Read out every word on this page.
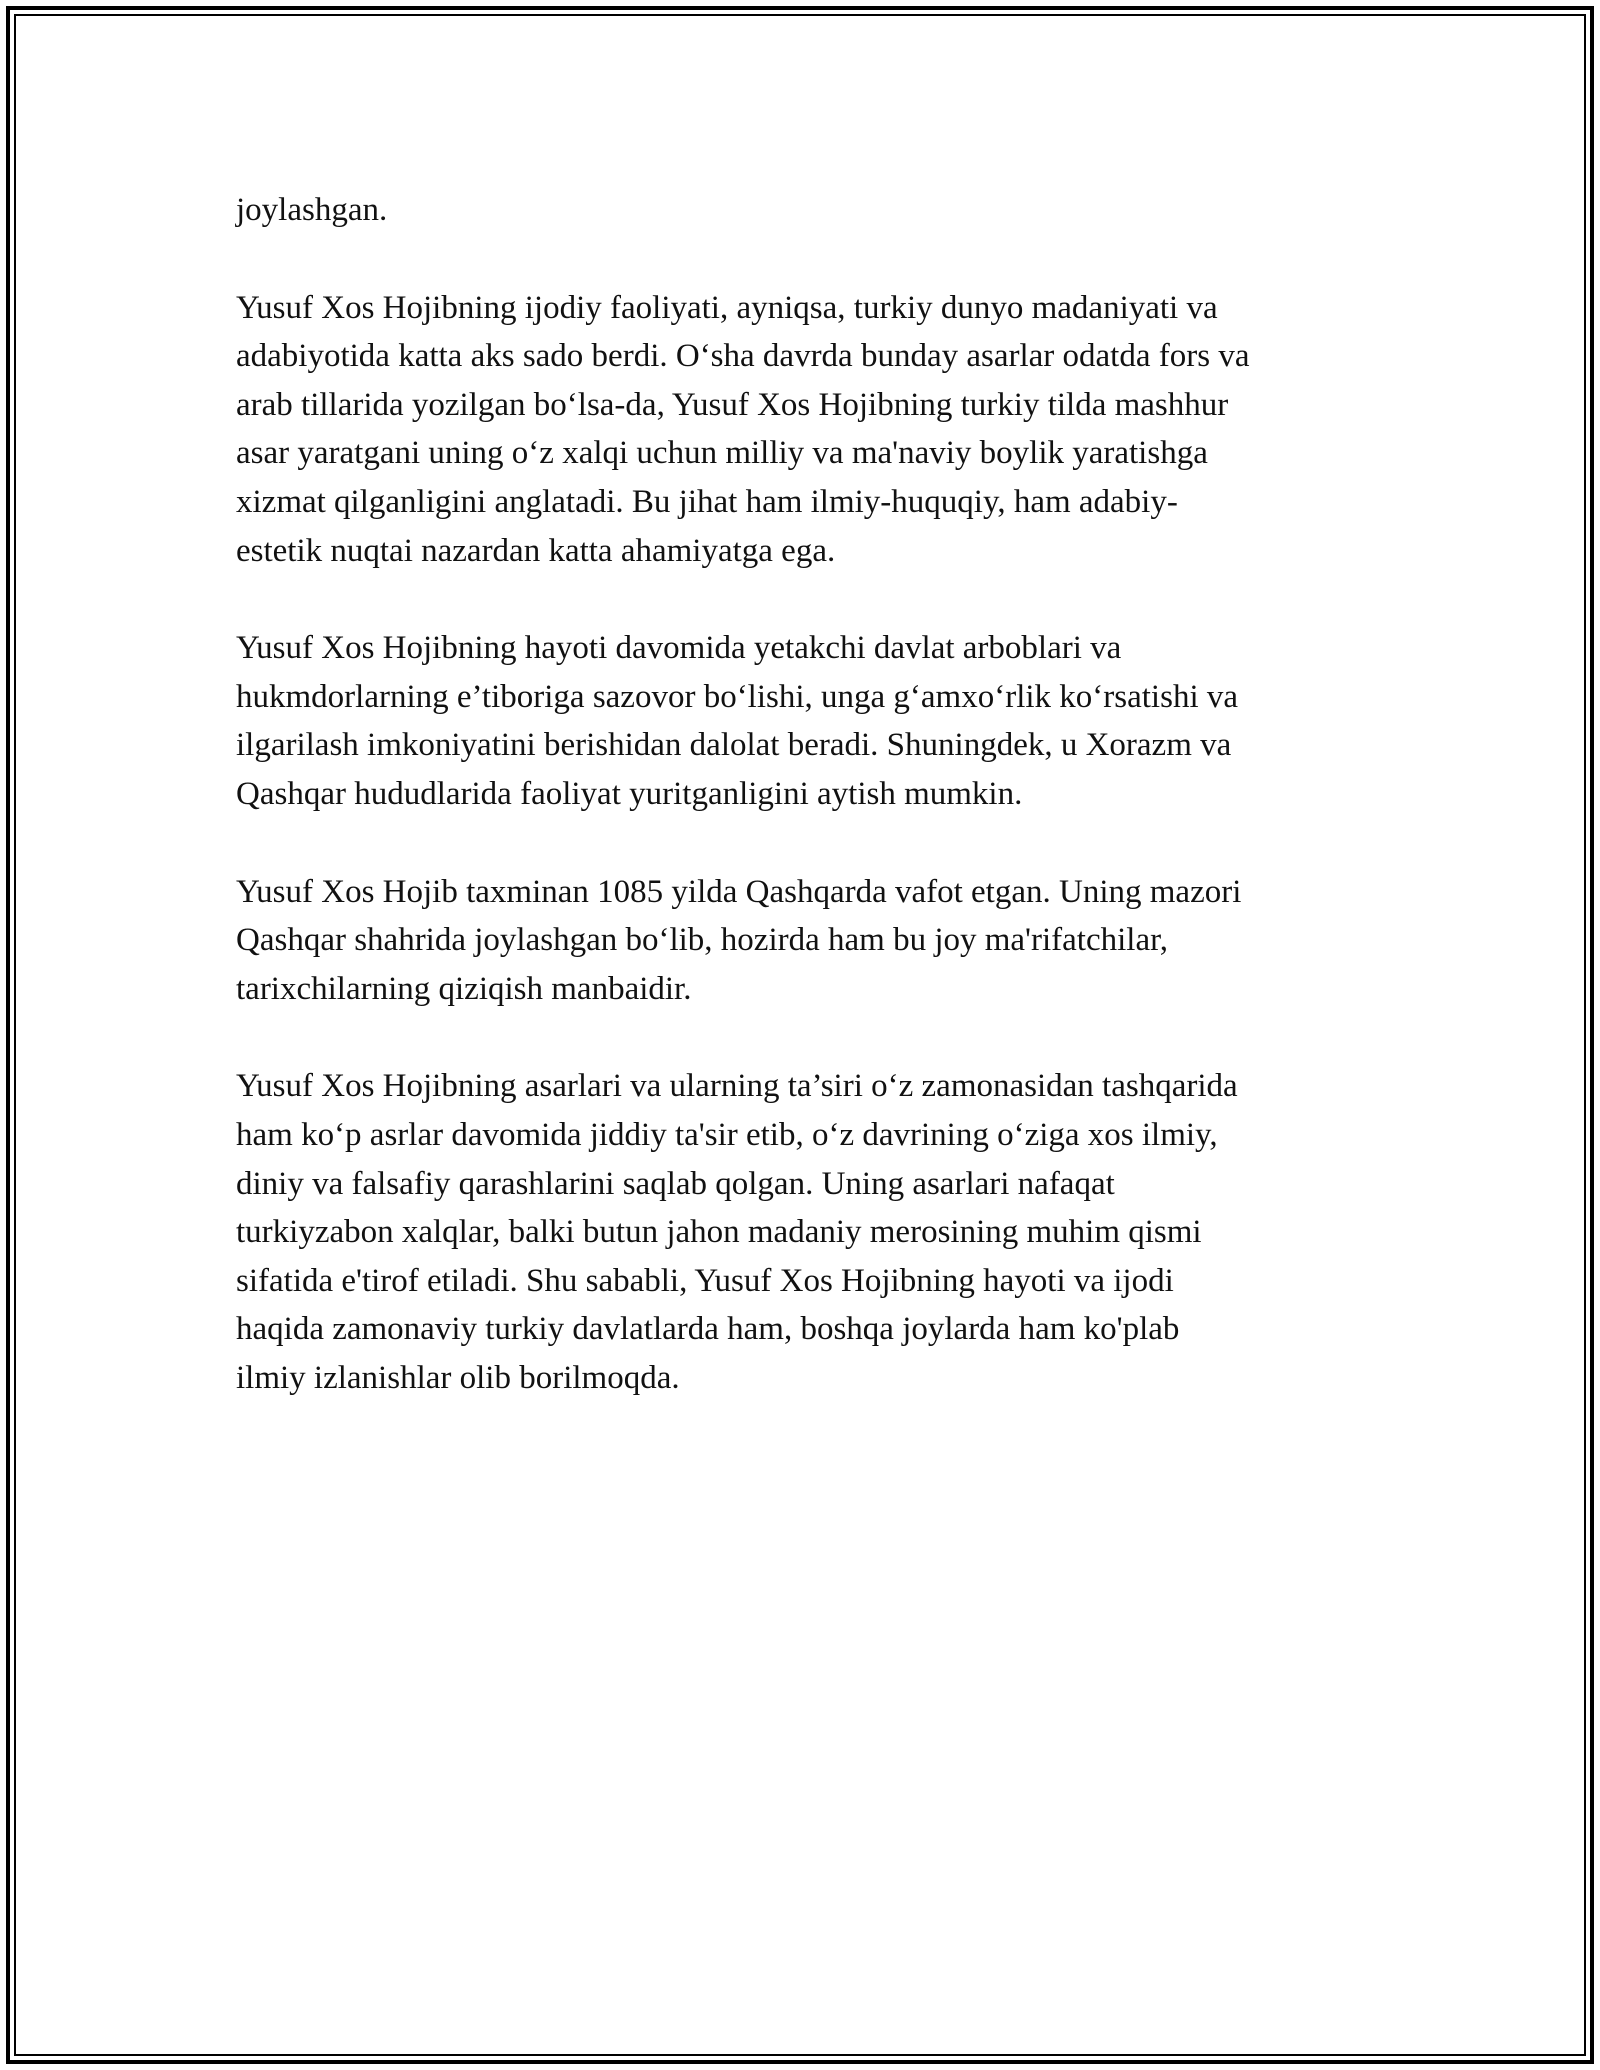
joylashgan.
Yusuf Xos Hojibning ijodiy faoliyati, ayniqsa, turkiy dunyo madaniyati va
adabiyotida katta aks sado berdi. O‘sha davrda bunday asarlar odatda fors va
arab tillarida yozilgan bo‘lsa-da, Yusuf Xos Hojibning turkiy tilda mashhur
asar yaratgani uning o‘z xalqi uchun milliy va ma'naviy boylik yaratishga
xizmat qilganligini anglatadi. Bu jihat ham ilmiy-huquqiy, ham adabiy-
estetik nuqtai nazardan katta ahamiyatga ega.
Yusuf Xos Hojibning hayoti davomida yetakchi davlat arboblari va
hukmdorlarning e’tiboriga sazovor bo‘lishi, unga g‘amxo‘rlik ko‘rsatishi va
ilgarilash imkoniyatini berishidan dalolat beradi. Shuningdek, u Xorazm va
Qashqar hududlarida faoliyat yuritganligini aytish mumkin.
Yusuf Xos Hojib taxminan 1085 yilda Qashqarda vafot etgan. Uning mazori
Qashqar shahrida joylashgan bo‘lib, hozirda ham bu joy ma'rifatchilar,
tarixchilarning qiziqish manbaidir.
Yusuf Xos Hojibning asarlari va ularning ta’siri o‘z zamonasidan tashqarida
ham ko‘p asrlar davomida jiddiy ta'sir etib, o‘z davrining o‘ziga xos ilmiy,
diniy va falsafiy qarashlarini saqlab qolgan. Uning asarlari nafaqat
turkiyzabon xalqlar, balki butun jahon madaniy merosining muhim qismi
sifatida e'tirof etiladi. Shu sababli, Yusuf Xos Hojibning hayoti va ijodi
haqida zamonaviy turkiy davlatlarda ham, boshqa joylarda ham ko'plab
ilmiy izlanishlar olib borilmoqda.
